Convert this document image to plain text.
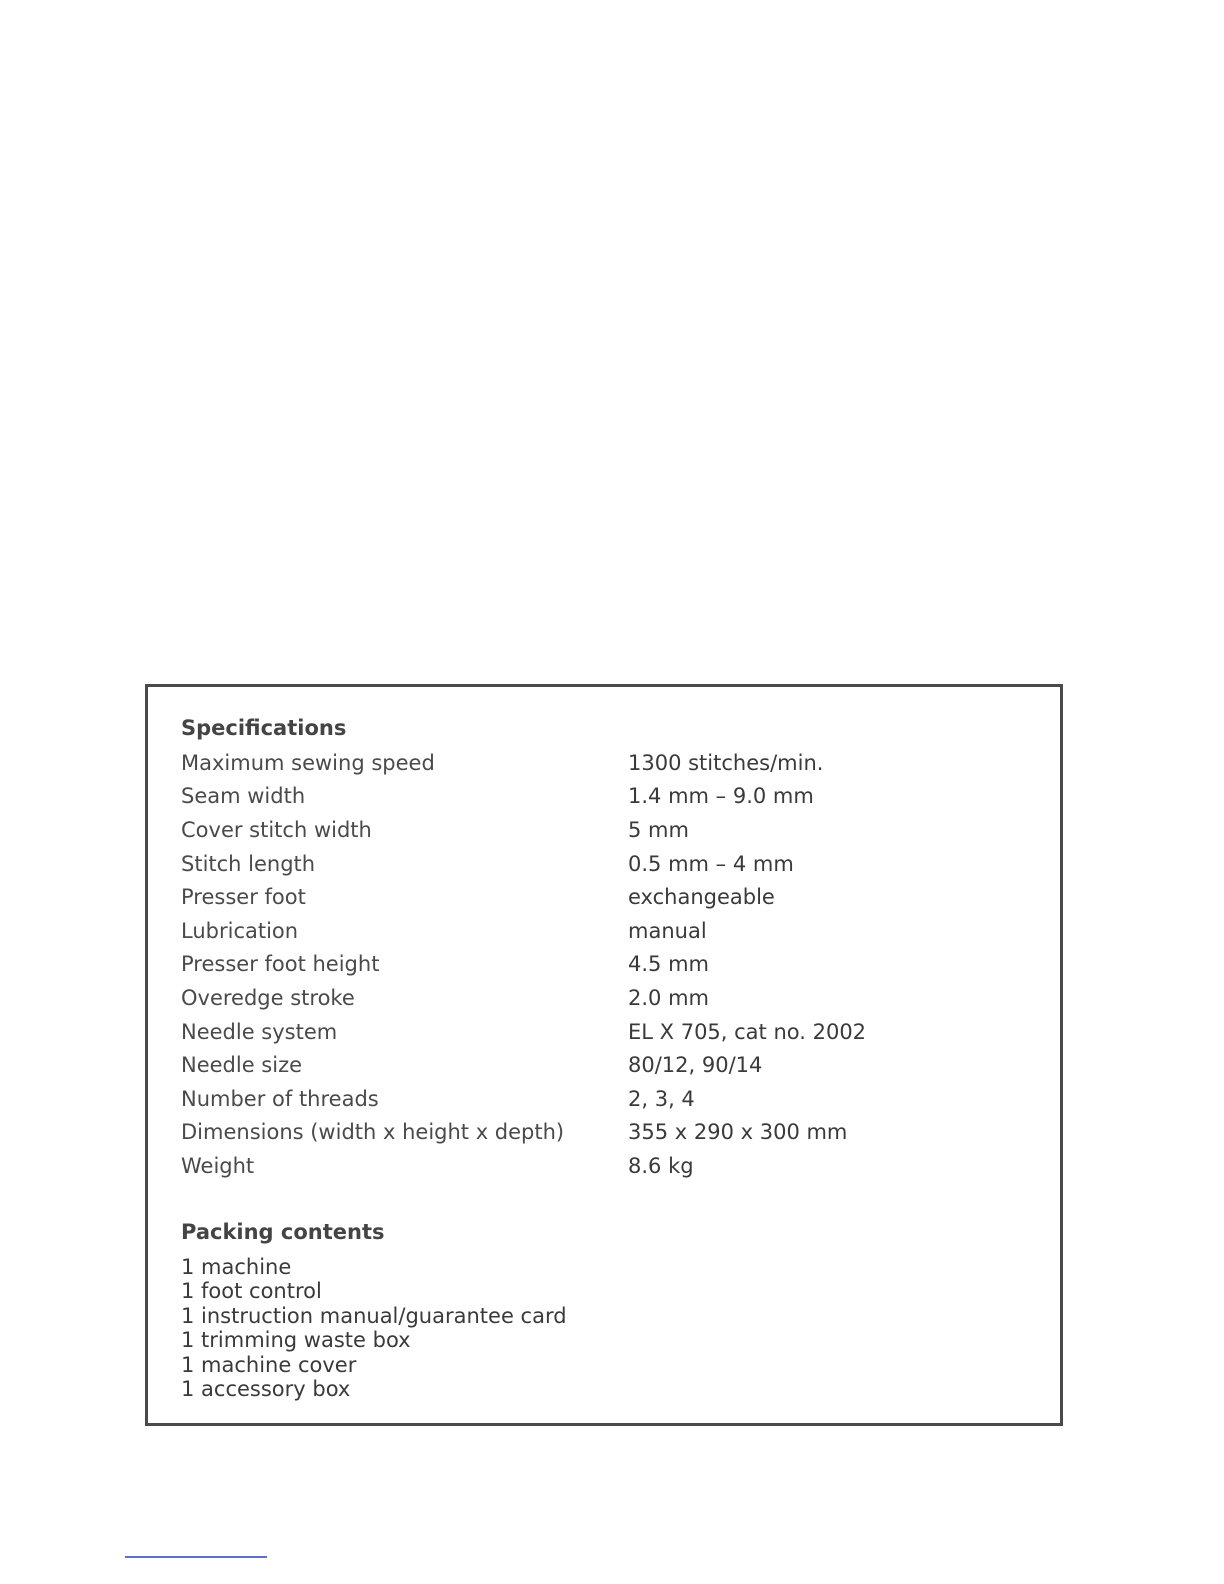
Specifications
Maximum sewing speed	1300 stitches/min.
Seam width	1.4 mm – 9.0 mm
Cover stitch width	5 mm
Stitch length	0.5 mm – 4 mm
Presser foot	exchangeable
Lubrication	manual
Presser foot height	4.5 mm
Overedge stroke	2.0 mm
Needle system	EL X 705, cat no. 2002
Needle size	80/12, 90/14
Number of threads	2, 3, 4
Dimensions (width x height x depth)	355 x 290 x 300 mm
Weight	8.6 kg
Packing contents
1 machine
1 foot control
1 instruction manual/guarantee card
1 trimming waste box
1 machine cover
1 accessory box
